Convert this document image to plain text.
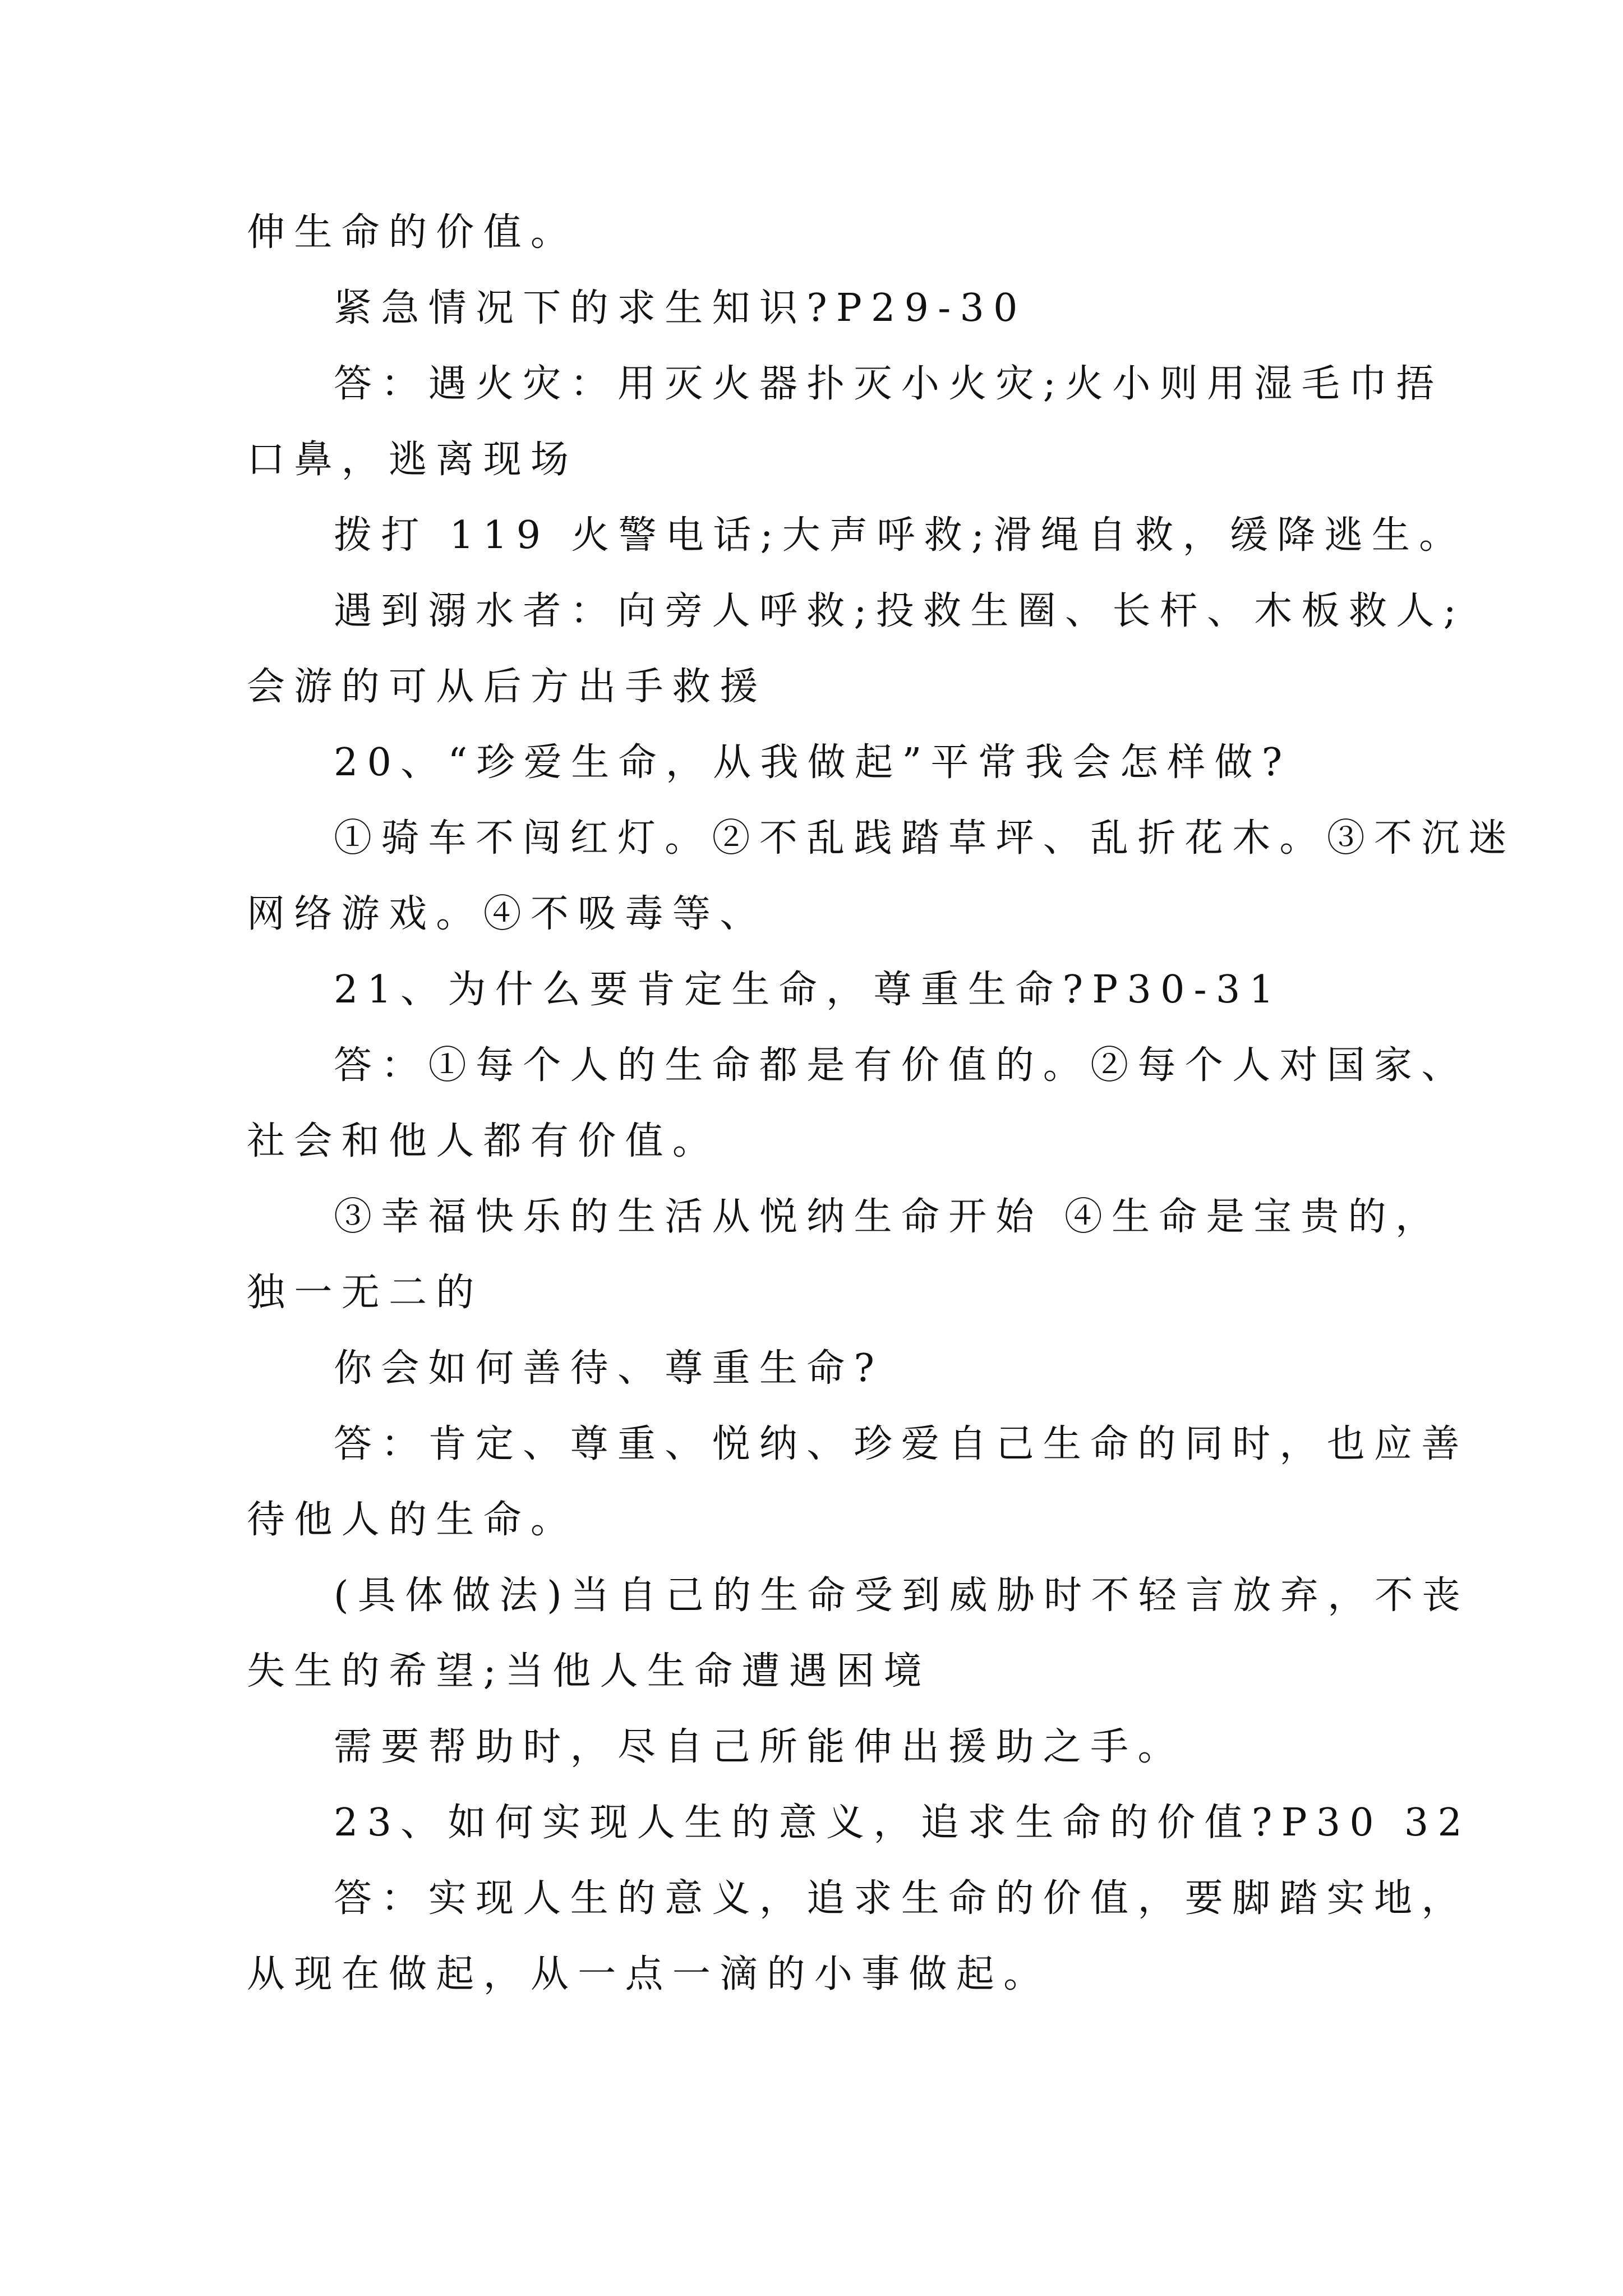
伸生命的价值。

紧急情况下的求生知识?P29-30

答：遇火灾：用灭火器扑灭小火灾;火小则用湿毛巾捂

口鼻，逃离现场

拨打 119 火警电话;大声呼救;滑绳自救，缓降逃生。

遇到溺水者：向旁人呼救;投救生圈、长杆、木板救人;

会游的可从后方出手救援

20、“珍爱生命，从我做起”平常我会怎样做?

①骑车不闯红灯。②不乱践踏草坪、乱折花木。③不沉迷

网络游戏。④不吸毒等、

21、为什么要肯定生命，尊重生命?P30-31

答：①每个人的生命都是有价值的。②每个人对国家、

社会和他人都有价值。

③幸福快乐的生活从悦纳生命开始 ④生命是宝贵的，

独一无二的

你会如何善待、尊重生命?

答：肯定、尊重、悦纳、珍爱自己生命的同时，也应善

待他人的生命。

(具体做法)当自己的生命受到威胁时不轻言放弃，不丧

失生的希望;当他人生命遭遇困境

需要帮助时，尽自己所能伸出援助之手。

23、如何实现人生的意义，追求生命的价值?P30 32

答：实现人生的意义，追求生命的价值，要脚踏实地，

从现在做起，从一点一滴的小事做起。
